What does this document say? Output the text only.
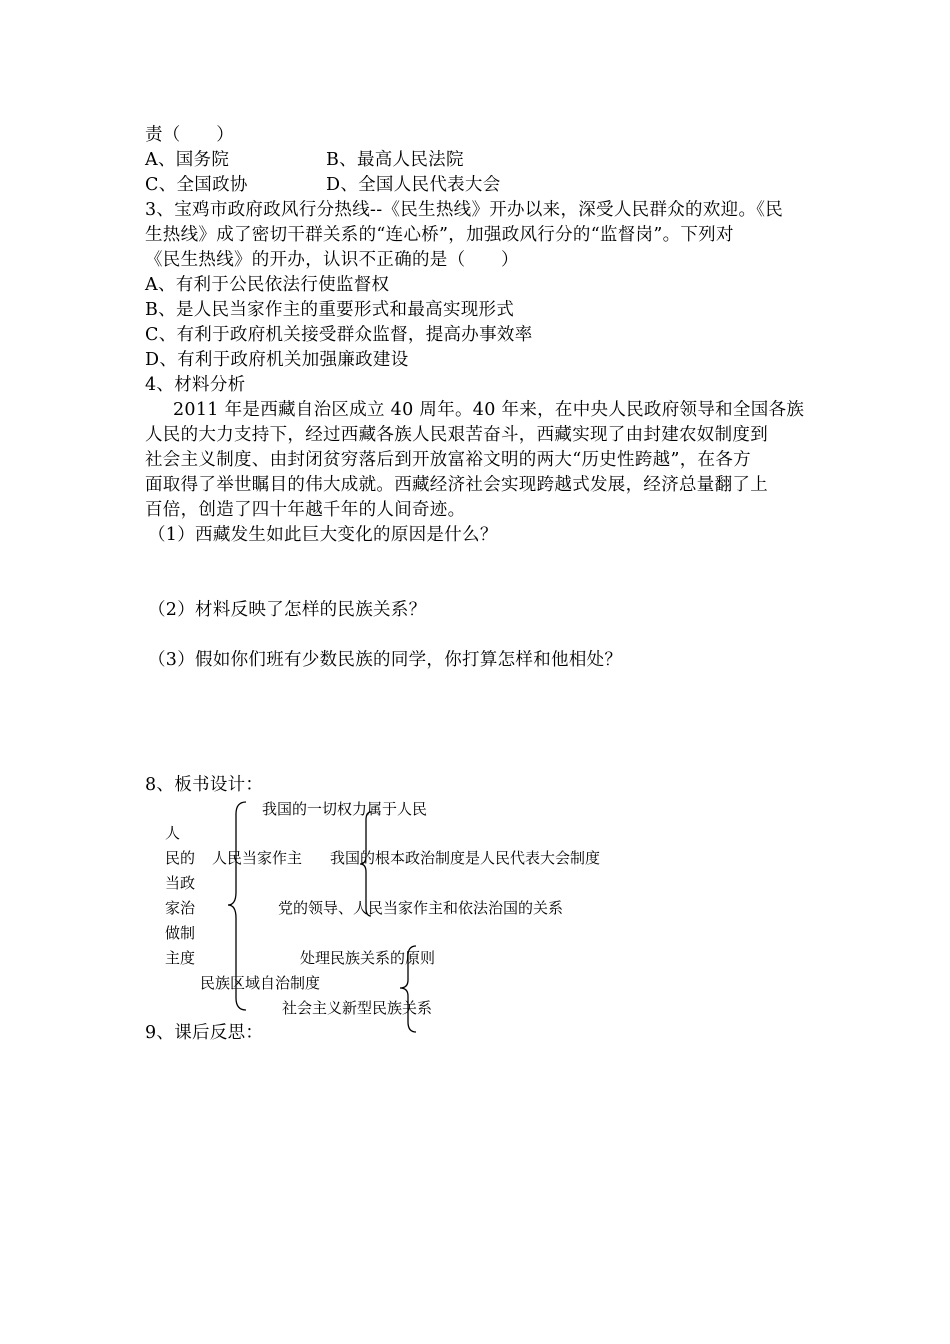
责（　　）
A、国务院	B、最高人民法院
C、全国政协	D、全国人民代表大会
3、宝鸡市政府政风行分热线--《民生热线》开办以来，深受人民群众的欢迎。《民
生热线》成了密切干群关系的“连心桥”，加强政风行分的“监督岗”。下列对
《民生热线》的开办，认识不正确的是（　　）
A、有利于公民依法行使监督权
B、是人民当家作主的重要形式和最高实现形式
C、有利于政府机关接受群众监督，提高办事效率
D、有利于政府机关加强廉政建设
4、材料分析
2011 年是西藏自治区成立 40 周年。40 年来，在中央人民政府领导和全国各族
人民的大力支持下，经过西藏各族人民艰苦奋斗，西藏实现了由封建农奴制度到
社会主义制度、由封闭贫穷落后到开放富裕文明的两大“历史性跨越”，在各方
面取得了举世瞩目的伟大成就。西藏经济社会实现跨越式发展，经济总量翻了上
百倍，创造了四十年越千年的人间奇迹。
（1）西藏发生如此巨大变化的原因是什么？
（2）材料反映了怎样的民族关系？
（3）假如你们班有少数民族的同学，你打算怎样和他相处？
8、板书设计：
人
民的
当政
家治
做制
主度
人民当家作主
民族区域自治制度
我国的一切权力属于人民
我国的根本政治制度是人民代表大会制度
党的领导、人民当家作主和依法治国的关系
处理民族关系的原则
社会主义新型民族关系
9、课后反思：
